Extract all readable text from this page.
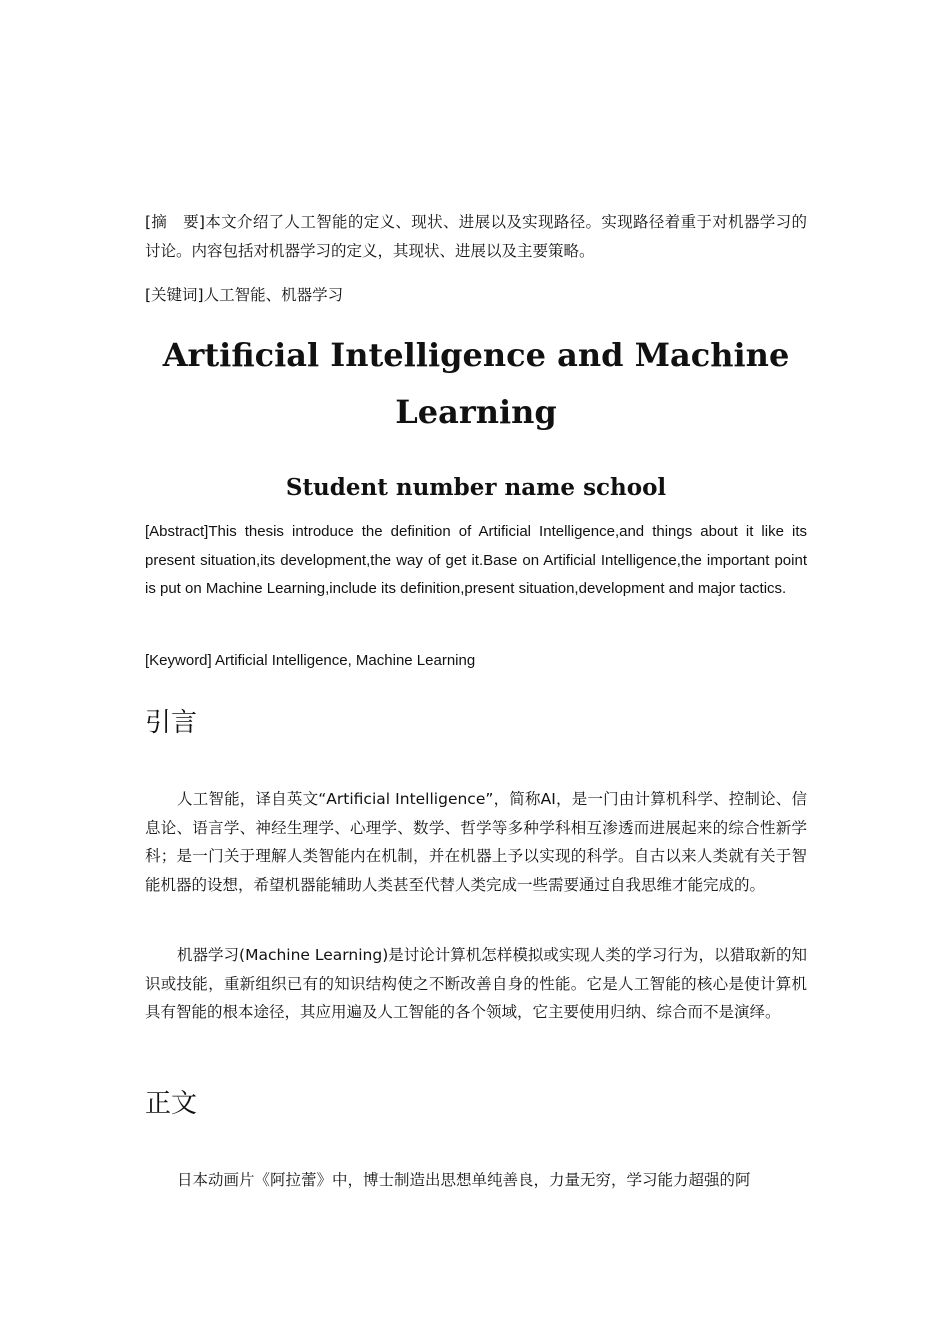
[摘　要]本文介绍了人工智能的定义、现状、进展以及实现路径。实现路径着重于对机器学习的讨论。内容包括对机器学习的定义，其现状、进展以及主要策略。

[关键词]人工智能、机器学习

Artificial Intelligence and Machine Learning
Student number name school

[Abstract]This thesis introduce the definition of Artificial Intelligence,and things about it like its present situation,its development,the way of get it.Base on Artificial Intelligence,the important point is put on Machine Learning,include its definition,present situation,development and major tactics.

[Keyword] Artificial Intelligence, Machine Learning

引言

人工智能，译自英文“Artificial Intelligence”，简称AI，是一门由计算机科学、控制论、信息论、语言学、神经生理学、心理学、数学、哲学等多种学科相互渗透而进展起来的综合性新学科；是一门关于理解人类智能内在机制，并在机器上予以实现的科学。自古以来人类就有关于智能机器的设想，希望机器能辅助人类甚至代替人类完成一些需要通过自我思维才能完成的。

机器学习(Machine Learning)是讨论计算机怎样模拟或实现人类的学习行为，以猎取新的知识或技能，重新组织已有的知识结构使之不断改善自身的性能。它是人工智能的核心是使计算机具有智能的根本途径，其应用遍及人工智能的各个领域，它主要使用归纳、综合而不是演绎。

正文

日本动画片《阿拉蕾》中，博士制造出思想单纯善良，力量无穷，学习能力超强的阿
